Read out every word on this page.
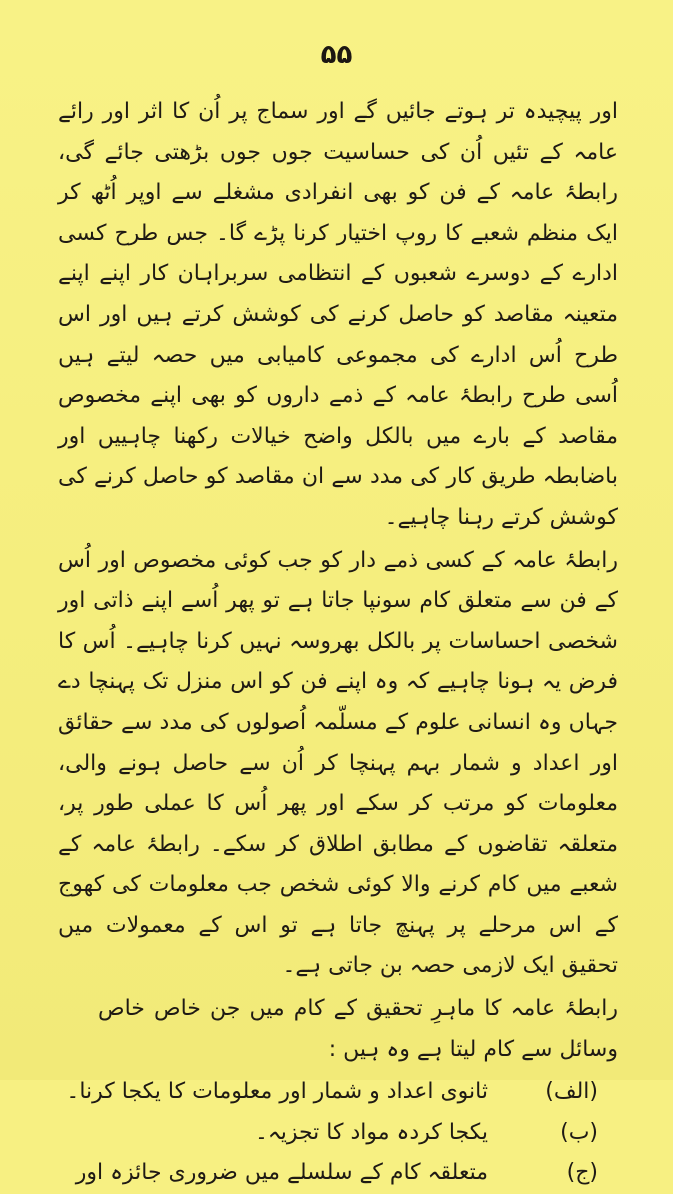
۵۵

اور پیچیدہ تر ہوتے جائیں گے اور سماج پر اُن کا اثر اور رائے عامہ کے تئیں اُن کی حساسیت جوں جوں بڑھتی جائے گی، رابطۂ عامہ کے فن کو بھی انفرادی مشغلے سے اوپر اُٹھ کر ایک منظم شعبے کا روپ اختیار کرنا پڑے گا۔ جس طرح کسی ادارے کے دوسرے شعبوں کے انتظامی سربراہان کار اپنے اپنے متعینہ مقاصد کو حاصل کرنے کی کوشش کرتے ہیں اور اس طرح اُس ادارے کی مجموعی کامیابی میں حصہ لیتے ہیں اُسی طرح رابطۂ عامہ کے ذمے داروں کو بھی اپنے مخصوص مقاصد کے بارے میں بالکل واضح خیالات رکھنا چاہییں اور باضابطہ طریق کار کی مدد سے ان مقاصد کو حاصل کرنے کی کوشش کرتے رہنا چاہیے۔

رابطۂ عامہ کے کسی ذمے دار کو جب کوئی مخصوص اور اُس کے فن سے متعلق کام سونپا جاتا ہے تو پھر اُسے اپنے ذاتی اور شخصی احساسات پر بالکل بھروسہ نہیں کرنا چاہیے۔ اُس کا فرض یہ ہونا چاہیے کہ وہ اپنے فن کو اس منزل تک پہنچا دے جہاں وہ انسانی علوم کے مسلّمہ اُصولوں کی مدد سے حقائق اور اعداد و شمار بہم پہنچا کر اُن سے حاصل ہونے والی، معلومات کو مرتب کر سکے اور پھر اُس کا عملی طور پر، متعلقہ تقاضوں کے مطابق اطلاق کر سکے۔ رابطۂ عامہ کے شعبے میں کام کرنے والا کوئی شخص جب معلومات کی کھوج کے اس مرحلے پر پہنچ جاتا ہے تو اس کے معمولات میں تحقیق ایک لازمی حصہ بن جاتی ہے۔

رابطۂ عامہ کا ماہرِ تحقیق کے کام میں جن خاص خاص وسائل سے کام لیتا ہے وہ ہیں :

(الف)
ثانوی اعداد و شمار اور معلومات کا یکجا کرنا۔
(ب)
یکجا کردہ مواد کا تجزیہ۔
(ج)
متعلقہ کام کے سلسلے میں ضروری جائزہ اور
